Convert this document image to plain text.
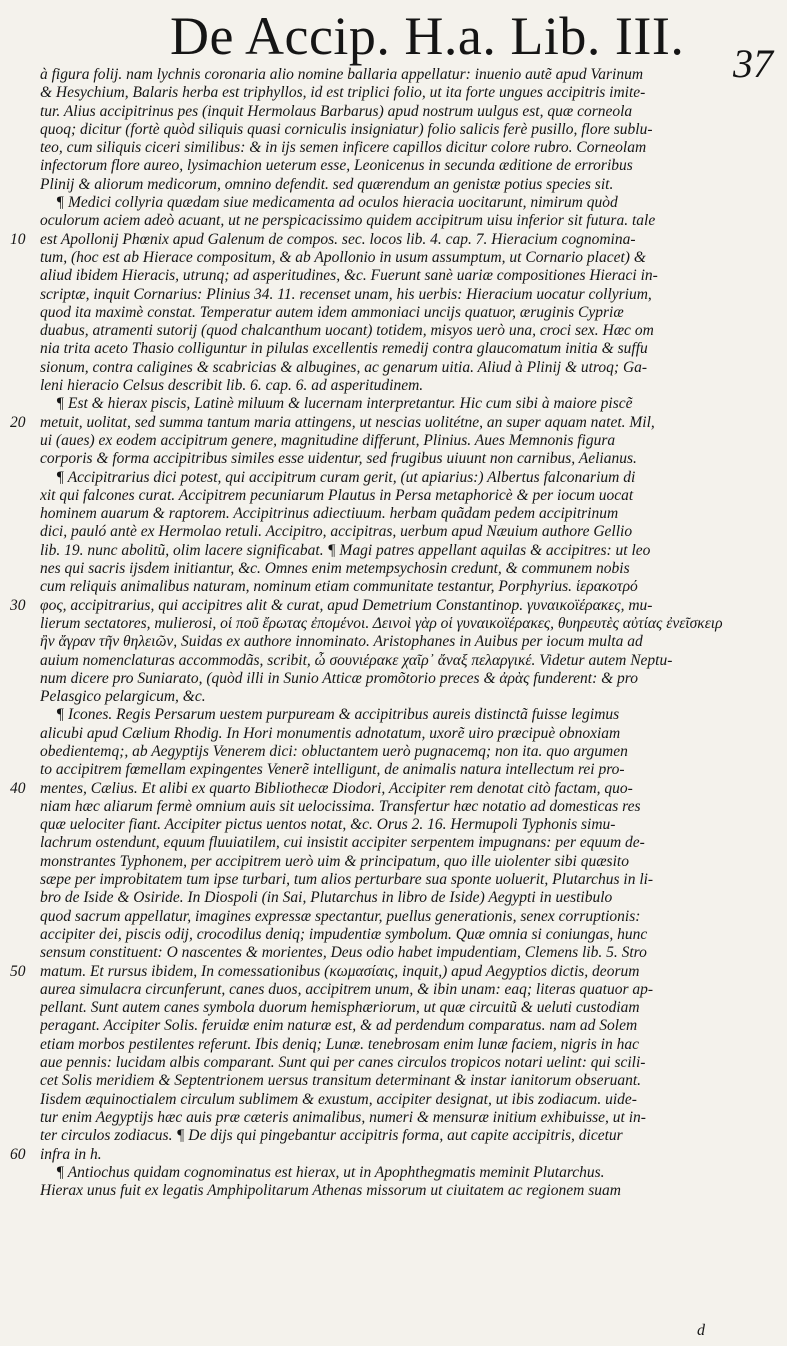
De Accip. H.a. Lib. III. 37
à figura folij. nam lychnis coronaria alio nomine ballaria appellatur: inuenio autẽ apud Varinum
& Hesychium, Balaris herba est triphyllos, id est triplici folio, ut ita forte ungues accipitris imite-
tur. Alius accipitrinus pes (inquit Hermolaus Barbarus) apud nostrum uulgus est, quæ corneola
quoq; dicitur (fortè quòd siliquis quasi corniculis insigniatur) folio salicis ferè pusillo, flore sublu-
teo, cum siliquis ciceri similibus: & in ijs semen inficere capillos dicitur colore rubro. Corneolam
infectorum flore aureo, lysimachion ueterum esse, Leonicenus in secunda æditione de erroribus
Plinij & aliorum medicorum, omnino defendit. sed quærendum an genistæ potius species sit.
¶ Medici collyria quædam siue medicamenta ad oculos hieracia uocitarunt, nimirum quòd
oculorum aciem adeò acuant, ut ne perspicacissimo quidem accipitrum uisu inferior sit futura. tale
est Apollonij Phœnix apud Galenum de compos. sec. locos lib. 4. cap. 7. Hieracium cognomina-
tum, (hoc est ab Hierace compositum, & ab Apollonio in usum assumptum, ut Cornario placet) &
aliud ibidem Hieracis, utrunq; ad asperitudines, &c. Fuerunt sanè uariæ compositiones Hieraci in-
scriptæ, inquit Cornarius: Plinius 34. 11. recenset unam, his uerbis: Hieracium uocatur collyrium,
quod ita maximè constat. Temperatur autem idem ammoniaci uncijs quatuor, æruginis Cypriæ
duabus, atramenti sutorij (quod chalcanthum uocant) totidem, misyos uerò una, croci sex. Hæc om
nia trita aceto Thasio colliguntur in pilulas excellentis remedij contra glaucomatum initia & suffu
sionum, contra caligines & scabricias & albugines, ac genarum uitia. Aliud à Plinij & utroq; Ga-
leni hieracio Celsus describit lib. 6. cap. 6. ad asperitudinem.
¶ Est & hierax piscis, Latinè miluum & lucernam interpretantur. Hic cum sibi à maiore piscẽ
metuit, uolitat, sed summa tantum maria attingens, ut nescias uolitétne, an super aquam natet. Mil,
ui (aues) ex eodem accipitrum genere, magnitudine differunt, Plinius. Aues Memnonis figura
corporis & forma accipitribus similes esse uidentur, sed frugibus uiuunt non carnibus, Aelianus.
¶ Accipitrarius dici potest, qui accipitrum curam gerit, (ut apiarius:) Albertus falconarium di
xit qui falcones curat. Accipitrem pecuniarum Plautus in Persa metaphoricè & per iocum uocat
hominem auarum & raptorem. Accipitrinus adiectiuum. herbam quãdam pedem accipitrinum
dici, pauló antè ex Hermolao retuli. Accipitro, accipitras, uerbum apud Næuium authore Gellio
lib. 19. nunc abolitũ, olim lacere significabat. ¶ Magi patres appellant aquilas & accipitres: ut leo
nes qui sacris ijsdem initiantur, &c. Omnes enim metempsychosin credunt, & communem nobis
cum reliquis animalibus naturam, nominum etiam communitate testantur, Porphyrius. ἱερακοτρό
φος, accipitrarius, qui accipitres alit & curat, apud Demetrium Constantinop. γυναικοϊέρακες, mu-
lierum sectatores, mulierosi, οἱ ποῦ ἔρωτας ἐπομένοι. Δεινοὶ γὰρ οἱ γυναικοϊέρακες, θυηρευτὲς αὐτίας ἐνεῖσκειρ
ἢν ἄγραν τῆν θηλειῶν, Suidas ex authore innominato. Aristophanes in Auibus per iocum multa ad
auium nomenclaturas accommodãs, scribit, ὦ σουνιέρακε χαῖρ᾽ ἄναξ πελαργικέ. Videtur autem Neptu-
num dicere pro Suniarato, (quòd illi in Sunio Atticæ promõtorio preces & ἀρὰς funderent: & pro
Pelasgico pelargicum, &c.
¶ Icones. Regis Persarum uestem purpuream & accipitribus aureis distinctã fuisse legimus
alicubi apud Cælium Rhodig. In Hori monumentis adnotatum, uxorẽ uiro præcipuè obnoxiam
obedientemq;, ab Aegyptijs Venerem dici: obluctantem uerò pugnacemq; non ita. quo argumen
to accipitrem fœmellam expingentes Venerẽ intelligunt, de animalis natura intellectum rei pro-
mentes, Cælius. Et alibi ex quarto Bibliothecæ Diodori, Accipiter rem denotat citò factam, quo-
niam hæc aliarum fermè omnium auis sit uelocissima. Transfertur hæc notatio ad domesticas res
quæ uelociter fiant. Accipiter pictus uentos notat, &c. Orus 2. 16. Hermupoli Typhonis simu-
lachrum ostendunt, equum fluuiatilem, cui insistit accipiter serpentem impugnans: per equum de-
monstrantes Typhonem, per accipitrem uerò uim & principatum, quo ille uiolenter sibi quæsito
sæpe per improbitatem tum ipse turbari, tum alios perturbare sua sponte uoluerit, Plutarchus in li-
bro de Iside & Osiride. In Diospoli (in Sai, Plutarchus in libro de Iside) Aegypti in uestibulo
quod sacrum appellatur, imagines expressæ spectantur, puellus generationis, senex corruptionis:
accipiter dei, piscis odij, crocodilus deniq; impudentiæ symbolum. Quæ omnia si coniungas, hunc
sensum constituent: O nascentes & morientes, Deus odio habet impudentiam, Clemens lib. 5. Stro
matum. Et rursus ibidem, In comessationibus (κωμασίαις, inquit,) apud Aegyptios dictis, deorum
aurea simulacra circunferunt, canes duos, accipitrem unum, & ibin unam: eaq; literas quatuor ap-
pellant. Sunt autem canes symbola duorum hemisphæriorum, ut quæ circuitũ & ueluti custodiam
peragant. Accipiter Solis. feruidæ enim naturæ est, & ad perdendum comparatus. nam ad Solem
etiam morbos pestilentes referunt. Ibis deniq; Lunæ. tenebrosam enim lunæ faciem, nigris in hac
aue pennis: lucidam albis comparant. Sunt qui per canes circulos tropicos notari uelint: qui scili-
cet Solis meridiem & Septentrionem uersus transitum determinant & instar ianitorum obseruant.
Iisdem æquinoctialem circulum sublimem & exustum, accipiter designat, ut ibis zodiacum. uide-
tur enim Aegyptijs hæc auis præ cæteris animalibus, numeri & mensuræ initium exhibuisse, ut in-
ter circulos zodiacus. ¶ De dijs qui pingebantur accipitris forma, aut capite accipitris, dicetur
infra in h.
¶ Antiochus quidam cognominatus est hierax, ut in Apophthegmatis meminit Plutarchus.
Hierax unus fuit ex legatis Amphipolitarum Athenas missorum ut ciuitatem ac regionem suam
d
10
20
30
40
50
60
